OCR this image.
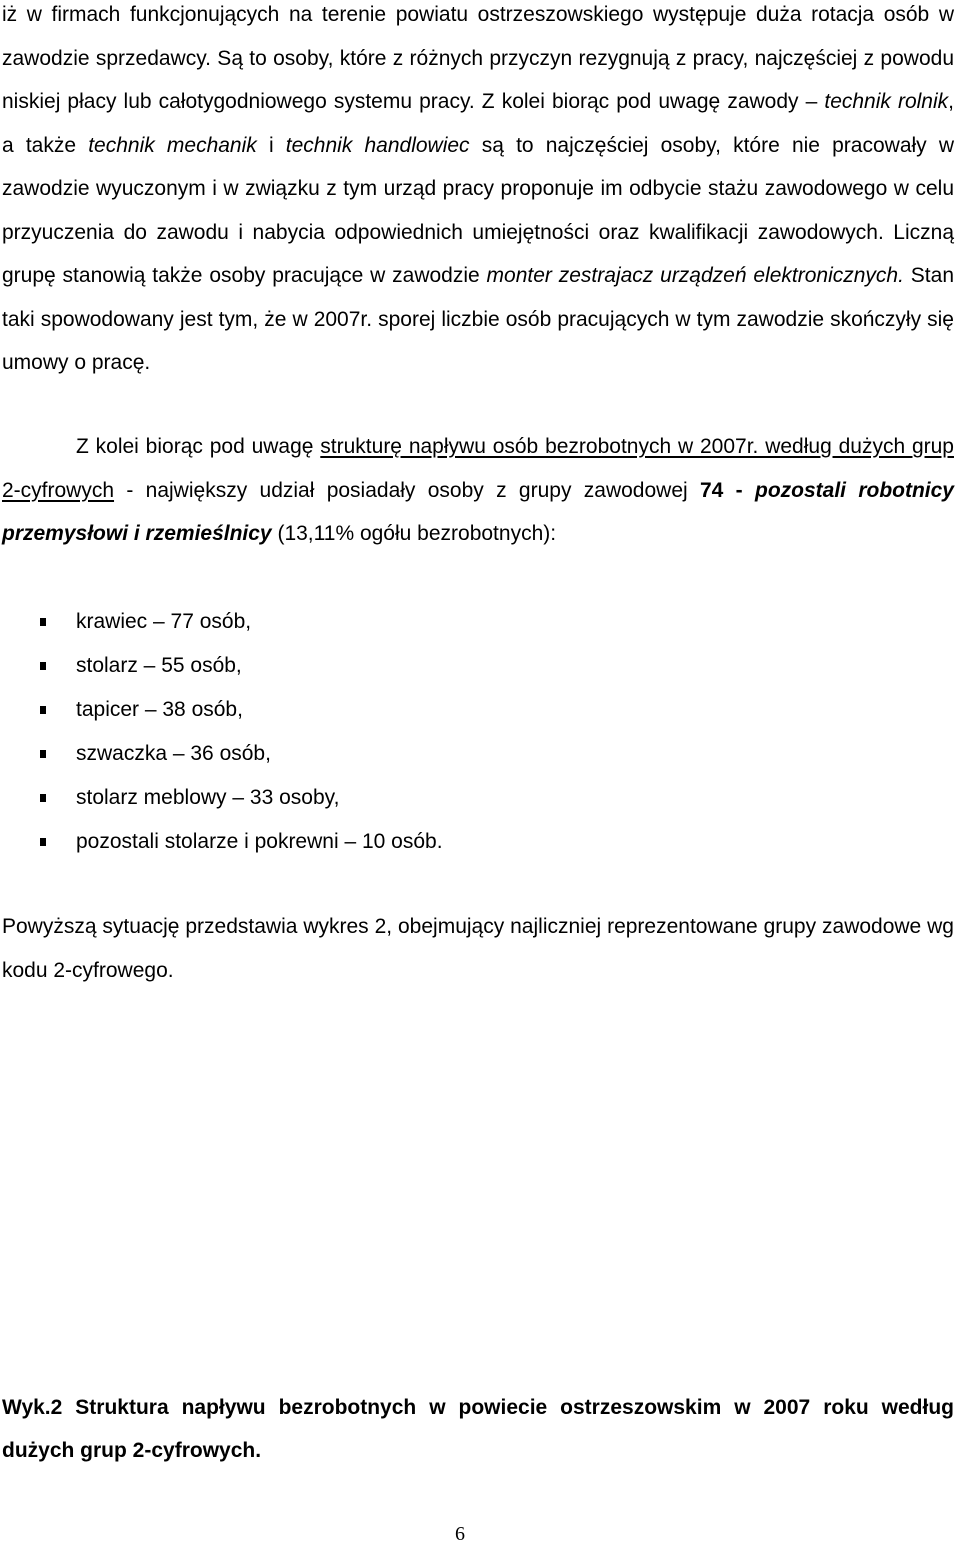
iż w firmach funkcjonujących na terenie powiatu ostrzeszowskiego występuje duża rotacja osób w zawodzie sprzedawcy. Są to osoby, które z różnych przyczyn rezygnują z pracy, najczęściej z powodu niskiej płacy lub całotygodniowego systemu pracy. Z kolei biorąc pod uwagę zawody – technik rolnik, a także technik mechanik i technik handlowiec są to najczęściej osoby, które nie pracowały w zawodzie wyuczonym i w związku z tym urząd pracy proponuje im odbycie stażu zawodowego w celu przyuczenia do zawodu i nabycia odpowiednich umiejętności oraz kwalifikacji zawodowych. Liczną grupę stanowią także osoby pracujące w zawodzie monter zestrajacz urządzeń elektronicznych. Stan taki spowodowany jest tym, że w 2007r. sporej liczbie osób pracujących w tym zawodzie skończyły się umowy o pracę.

Z kolei biorąc pod uwagę strukturę napływu osób bezrobotnych w 2007r. według dużych grup 2-cyfrowych - największy udział posiadały osoby z grupy zawodowej 74 - pozostali robotnicy przemysłowi i rzemieślnicy (13,11% ogółu bezrobotnych):

krawiec – 77 osób,
stolarz – 55 osób,
tapicer – 38 osób,
szwaczka – 36 osób,
stolarz meblowy – 33 osoby,
pozostali stolarze i pokrewni – 10 osób.

Powyższą sytuację przedstawia wykres 2, obejmujący najliczniej reprezentowane grupy zawodowe wg kodu 2-cyfrowego.

Wyk.2 Struktura napływu bezrobotnych w powiecie ostrzeszowskim w 2007 roku według dużych grup 2-cyfrowych.

6
